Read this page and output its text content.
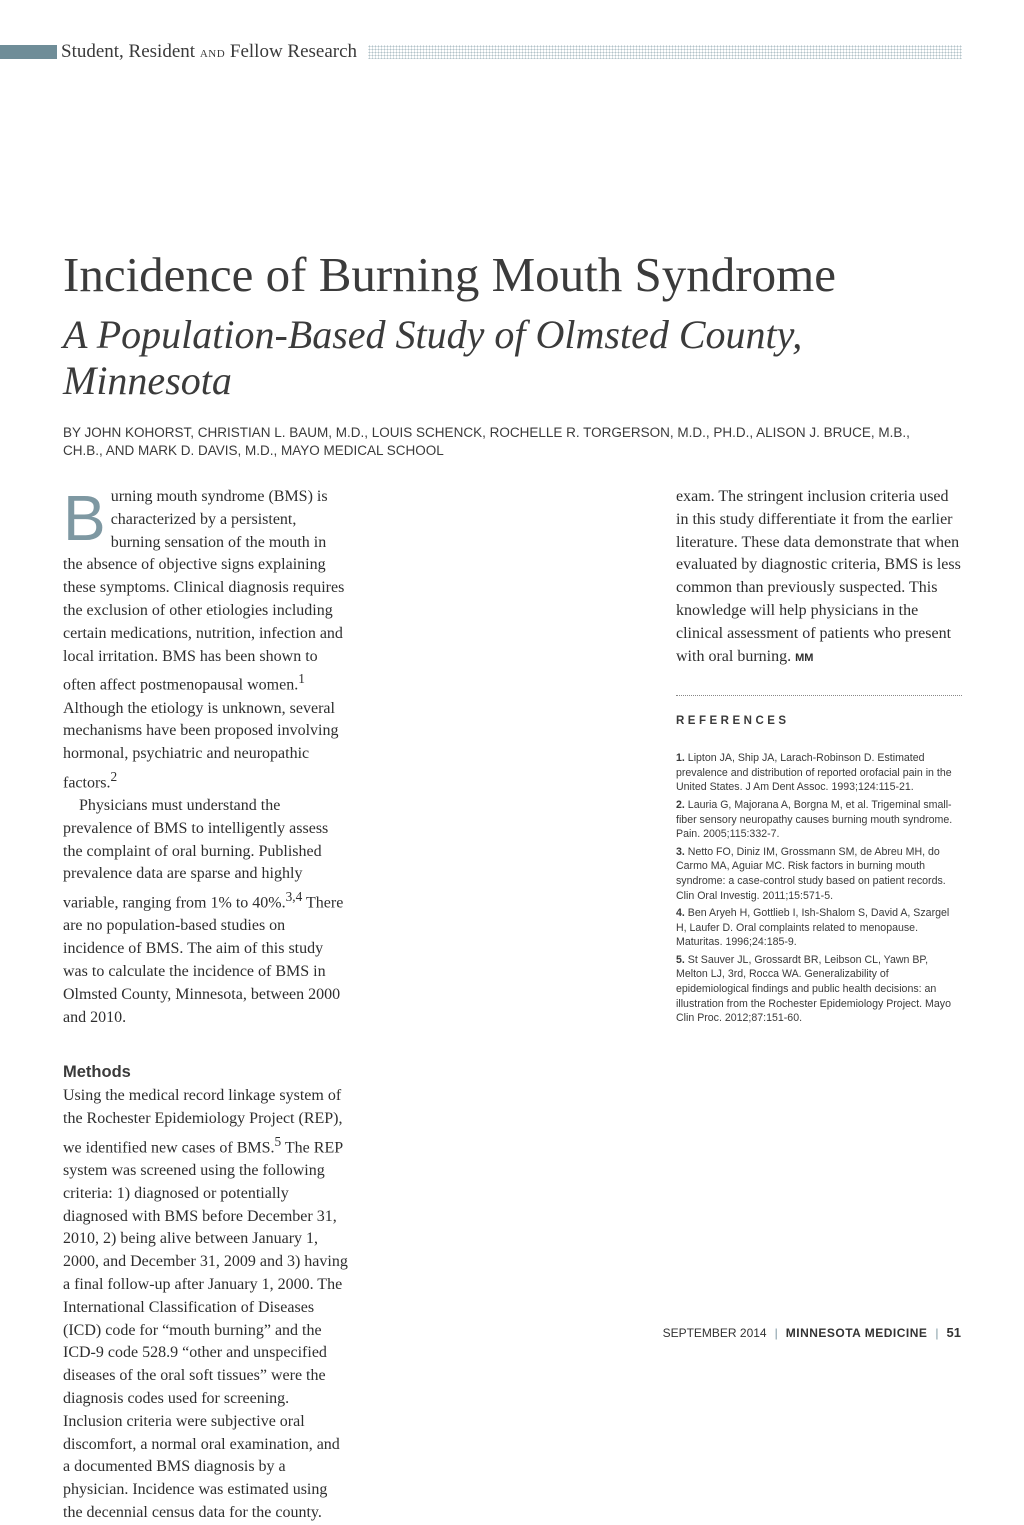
Student, Resident AND Fellow Research
Incidence of Burning Mouth Syndrome
A Population-Based Study of Olmsted County, Minnesota
BY JOHN KOHORST, CHRISTIAN L. BAUM, M.D., LOUIS SCHENCK, ROCHELLE R. TORGERSON, M.D., PH.D., ALISON J. BRUCE, M.B., CH.B., AND MARK D. DAVIS, M.D., MAYO MEDICAL SCHOOL

Burning mouth syndrome (BMS) is characterized by a persistent, burning sensation of the mouth in the absence of objective signs explaining these symptoms. Clinical diagnosis requires the exclusion of other etiologies including certain medications, nutrition, infection and local irritation. BMS has been shown to often affect postmenopausal women.$^1$ Although the etiology is unknown, several mechanisms have been proposed involving hormonal, psychiatric and neuropathic factors.$^2$

Physicians must understand the prevalence of BMS to intelligently assess the complaint of oral burning. Published prevalence data are sparse and highly variable, ranging from 1% to 40%.$^{3,4}$ There are no population-based studies on incidence of BMS. The aim of this study was to calculate the incidence of BMS in Olmsted County, Minnesota, between 2000 and 2010.

Methods

Using the medical record linkage system of the Rochester Epidemiology Project (REP), we identified new cases of BMS.$^5$ The REP system was screened using the following criteria: 1) diagnosed or potentially diagnosed with BMS before December 31, 2010, 2) being alive between January 1, 2000, and December 31, 2009 and 3) having a final follow-up after January 1, 2000. The International Classification of Diseases (ICD) code for “mouth burning” and the ICD-9 code 528.9 “other and unspecified diseases of the oral soft tissues” were the diagnosis codes used for screening. Inclusion criteria were subjective oral discomfort, a normal oral examination, and a documented BMS diagnosis by a physician. Incidence was estimated using the decennial census data for the county.

exam. The stringent inclusion criteria used in this study differentiate it from the earlier literature. These data demonstrate that when evaluated by diagnostic criteria, BMS is less common than previously suspected. This knowledge will help physicians in the clinical assessment of patients who present with oral burning. MM

REFERENCES
1. Lipton JA, Ship JA, Larach-Robinson D. Estimated prevalence and distribution of reported orofacial pain in the United States. J Am Dent Assoc. 1993;124:115-21.
2. Lauria G, Majorana A, Borgna M, et al. Trigeminal small-fiber sensory neuropathy causes burning mouth syndrome. Pain. 2005;115:332-7.
3. Netto FO, Diniz IM, Grossmann SM, de Abreu MH, do Carmo MA, Aguiar MC. Risk factors in burning mouth syndrome: a case-control study based on patient records. Clin Oral Investig. 2011;15:571-5.
4. Ben Aryeh H, Gottlieb I, Ish-Shalom S, David A, Szargel H, Laufer D. Oral complaints related to menopause. Maturitas. 1996;24:185-9.
5. St Sauver JL, Grossardt BR, Leibson CL, Yawn BP, Melton LJ, 3rd, Rocca WA. Generalizability of epidemiological findings and public health decisions: an illustration from the Rochester Epidemiology Project. Mayo Clin Proc. 2012;87:151-60.
SEPTEMBER 2014 | MINNESOTA MEDICINE | 51
